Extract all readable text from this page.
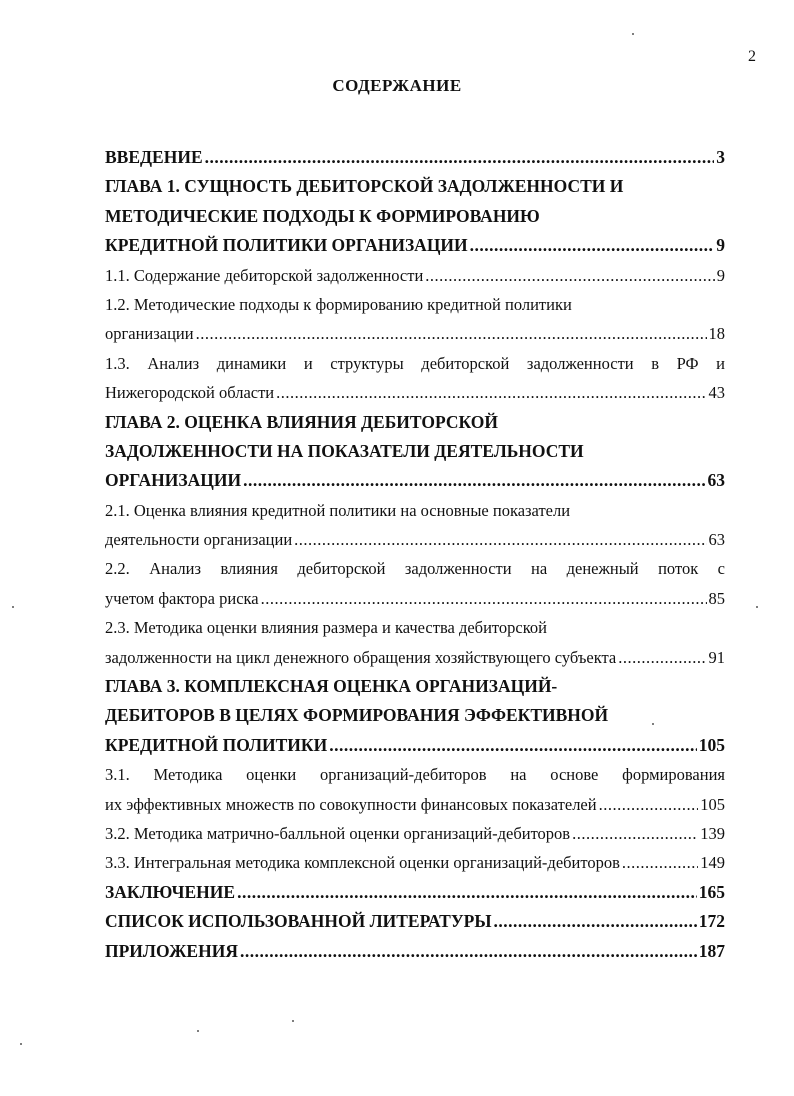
2
СОДЕРЖАНИЕ
ВВЕДЕНИЕ .....	3
ГЛАВА 1. СУЩНОСТЬ ДЕБИТОРСКОЙ ЗАДОЛЖЕННОСТИ И
МЕТОДИЧЕСКИЕ ПОДХОДЫ К ФОРМИРОВАНИЮ
КРЕДИТНОЙ ПОЛИТИКИ ОРГАНИЗАЦИИ .....	9
1.1. Содержание дебиторской задолженности .....	9
1.2. Методические подходы к формированию кредитной политики
организации .....	18
1.3. Анализ динамики и структуры дебиторской задолженности в РФ и
Нижегородской области .....	43
ГЛАВА 2. ОЦЕНКА ВЛИЯНИЯ ДЕБИТОРСКОЙ
ЗАДОЛЖЕННОСТИ НА ПОКАЗАТЕЛИ ДЕЯТЕЛЬНОСТИ
ОРГАНИЗАЦИИ .....	63
2.1. Оценка влияния кредитной политики на основные показатели
деятельности организации .....	63
2.2. Анализ влияния дебиторской задолженности на денежный поток с
учетом фактора риска .....	85
2.3. Методика оценки влияния размера и качества дебиторской
задолженности на цикл денежного обращения хозяйствующего субъекта .....	91
ГЛАВА 3. КОМПЛЕКСНАЯ ОЦЕНКА ОРГАНИЗАЦИЙ-
ДЕБИТОРОВ В ЦЕЛЯХ ФОРМИРОВАНИЯ ЭФФЕКТИВНОЙ
КРЕДИТНОЙ ПОЛИТИКИ .....	105
3.1. Методика оценки организаций-дебиторов на основе формирования
их эффективных множеств по совокупности финансовых показателей .....	105
3.2. Методика матрично-балльной оценки организаций-дебиторов .....	139
3.3. Интегральная методика комплексной оценки организаций-дебиторов .....	149
ЗАКЛЮЧЕНИЕ .....	165
СПИСОК ИСПОЛЬЗОВАННОЙ ЛИТЕРАТУРЫ .....	172
ПРИЛОЖЕНИЯ .....	187
